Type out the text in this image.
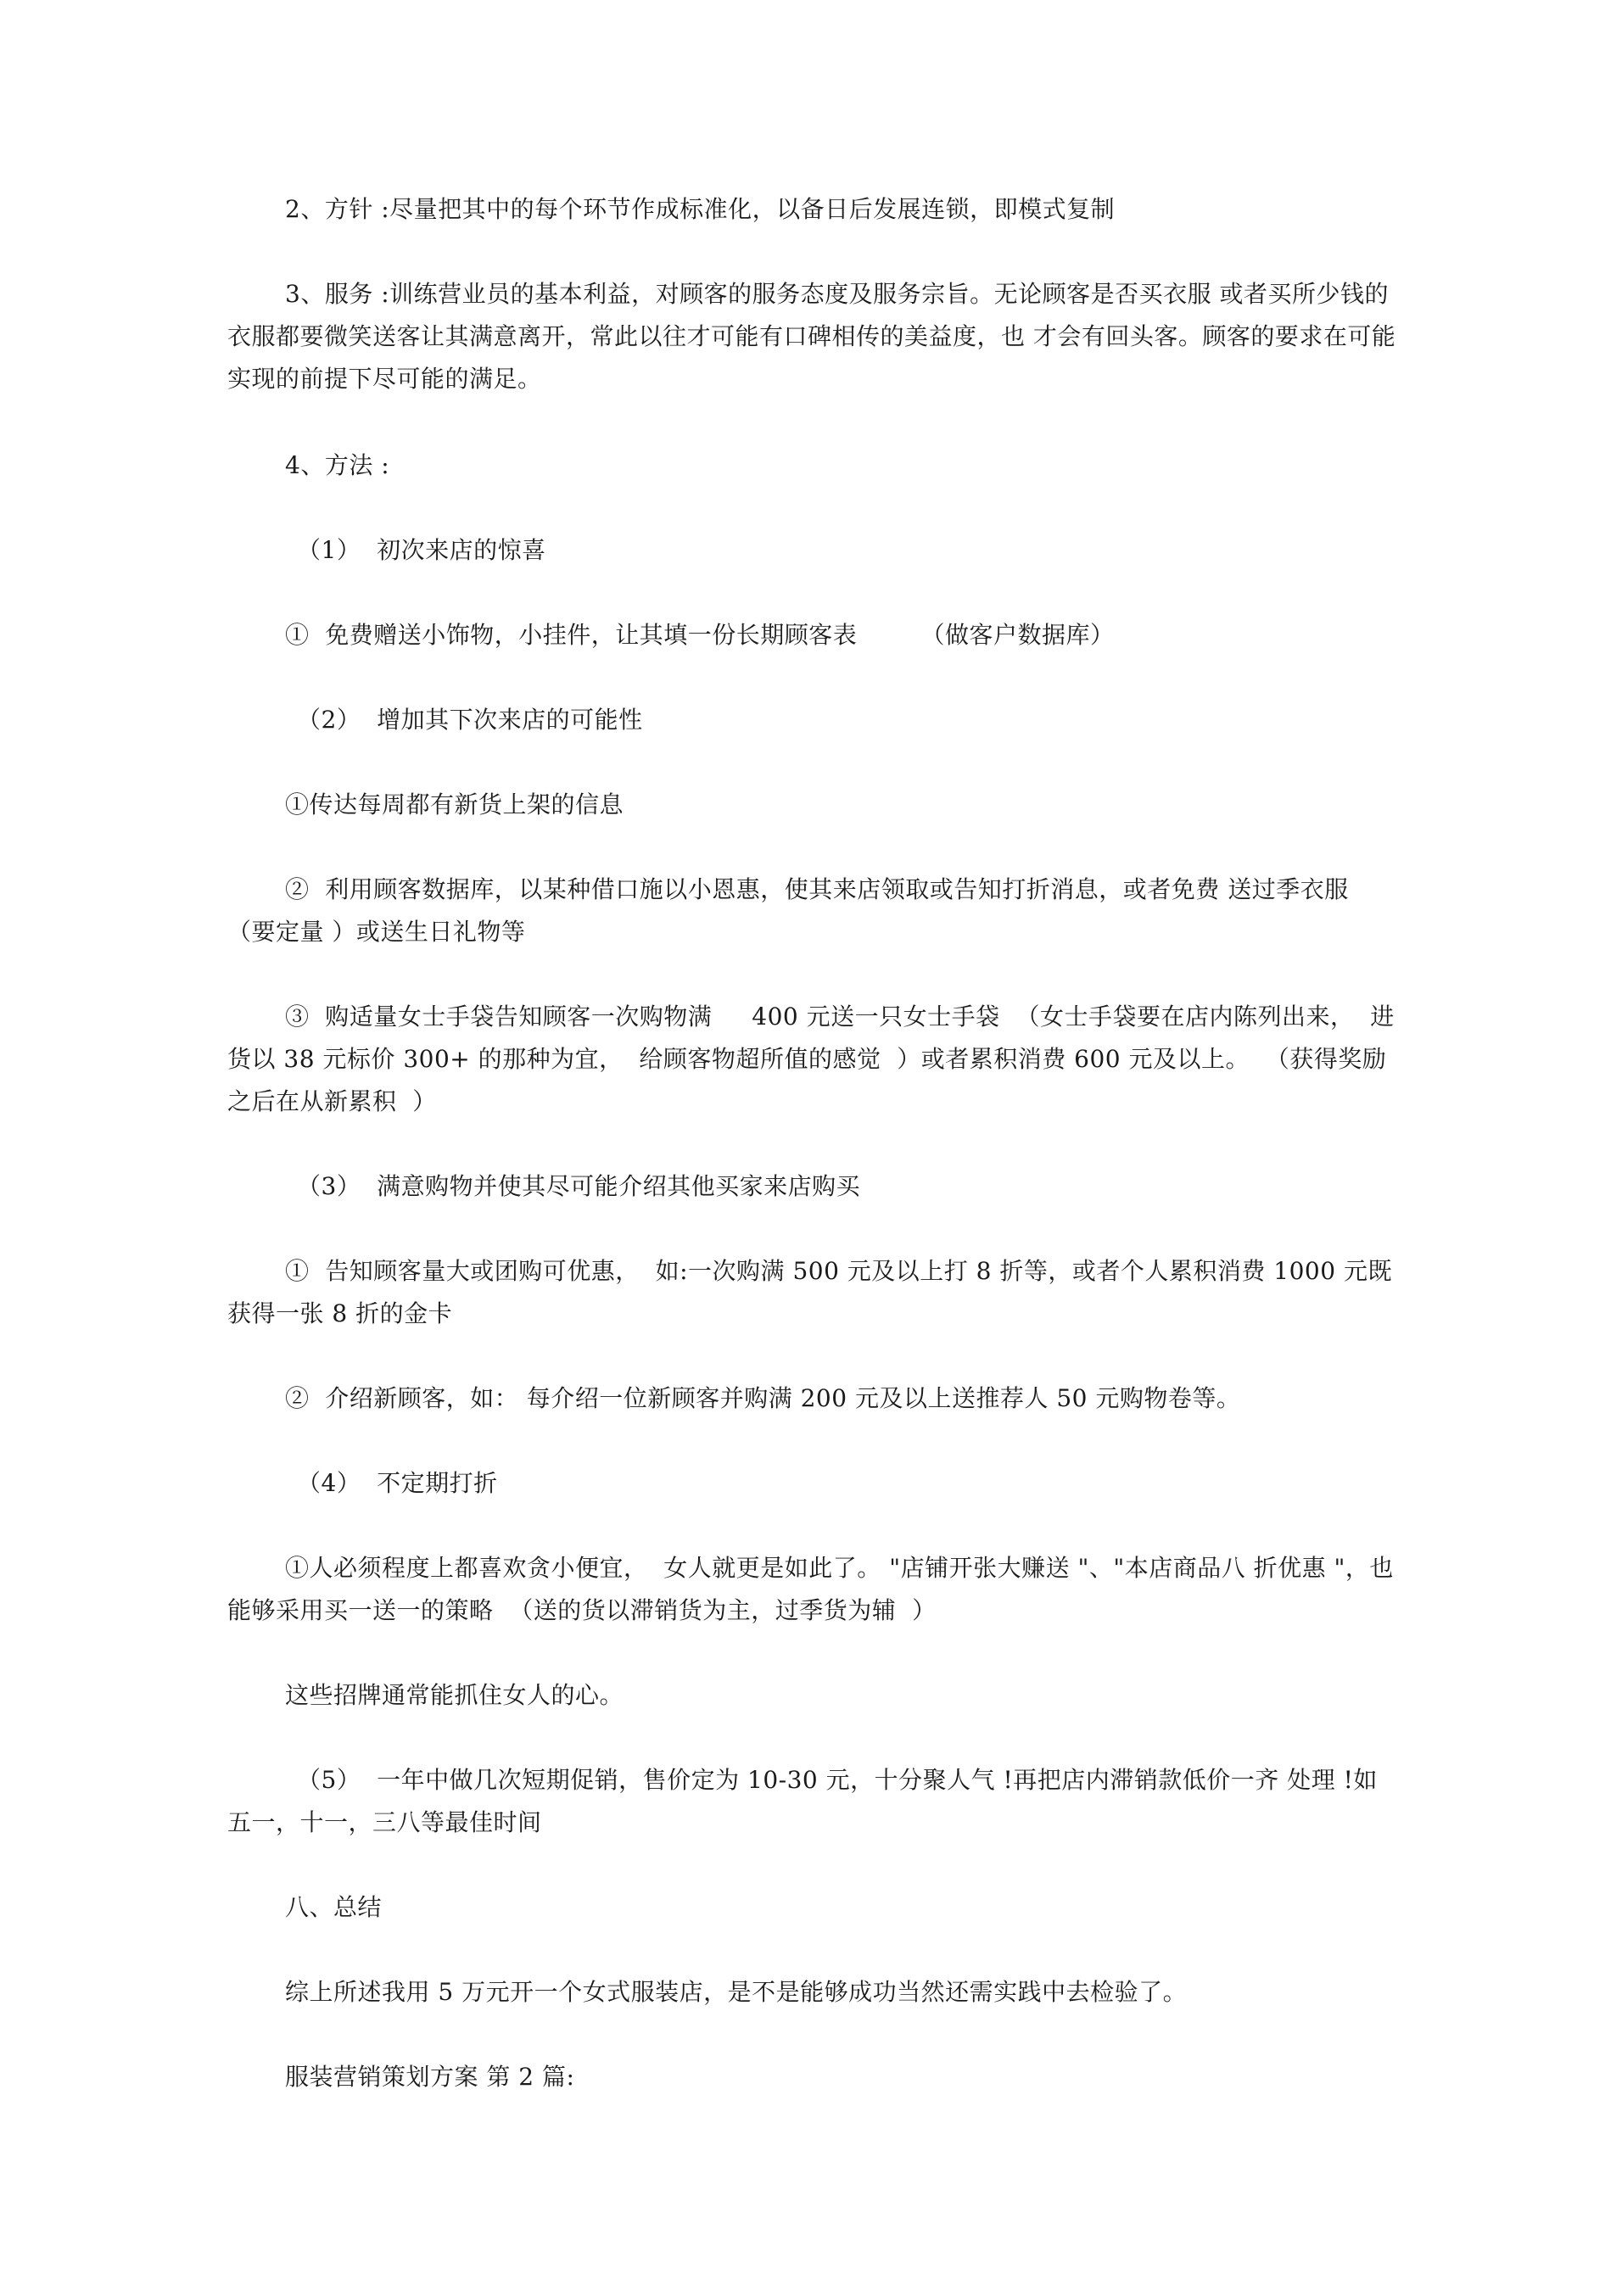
2、方针 :尽量把其中的每个环节作成标准化，以备日后发展连锁，即模式复制

3、服务 :训练营业员的基本利益，对顾客的服务态度及服务宗旨。无论顾客是否买衣服 或者买所少钱的衣服都要微笑送客让其满意离开，常此以往才可能有口碑相传的美益度，也 才会有回头客。顾客的要求在可能实现的前提下尽可能的满足。

4、方法 :

（1）  初次来店的惊喜

①  免费赠送小饰物，小挂件，让其填一份长期顾客表        （做客户数据库）

（2）  增加其下次来店的可能性

①传达每周都有新货上架的信息

②  利用顾客数据库，以某种借口施以小恩惠，使其来店领取或告知打折消息，或者免费 送过季衣服  （要定量 ）或送生日礼物等

③  购适量女士手袋告知顾客一次购物满     400 元送一只女士手袋  （女士手袋要在店内陈列出来，  进货以 38 元标价 300+ 的那种为宜，  给顾客物超所值的感觉  ）或者累积消费 600 元及以上。  （获得奖励之后在从新累积  ）

（3）  满意购物并使其尽可能介绍其他买家来店购买

①  告知顾客量大或团购可优惠，  如:一次购满 500 元及以上打 8 折等，或者个人累积消费 1000 元既获得一张 8 折的金卡

②  介绍新顾客，如： 每介绍一位新顾客并购满 200 元及以上送推荐人 50 元购物卷等。

（4）  不定期打折

①人必须程度上都喜欢贪小便宜，  女人就更是如此了。 "店铺开张大赚送 "、"本店商品八 折优惠 "，也能够采用买一送一的策略  （送的货以滞销货为主，过季货为辅  ）

这些招牌通常能抓住女人的心。

（5）  一年中做几次短期促销，售价定为 10-30 元，十分聚人气 !再把店内滞销款低价一齐 处理 !如五一，十一，三八等最佳时间

八、总结

综上所述我用 5 万元开一个女式服装店，是不是能够成功当然还需实践中去检验了。

服装营销策划方案 第 2 篇:
